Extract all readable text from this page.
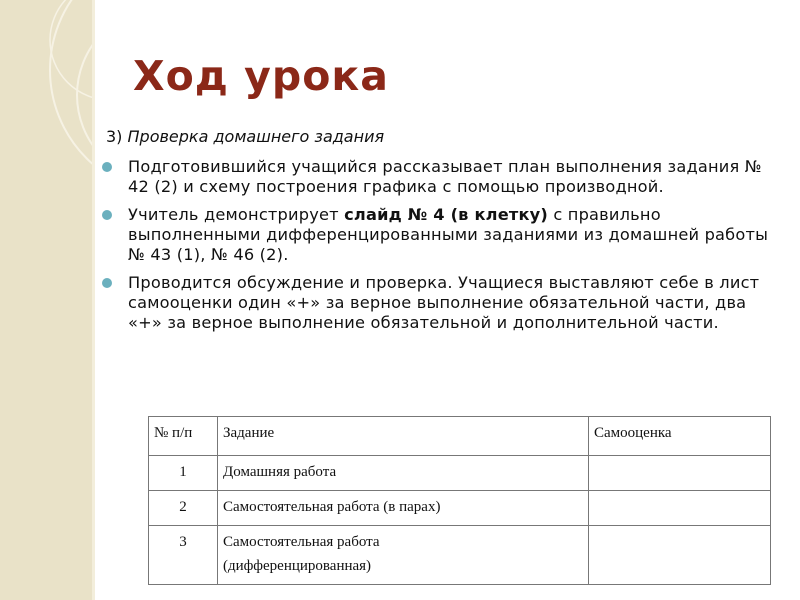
Ход урока
3) Проверка домашнего задания
Подготовившийся учащийся рассказывает план выполнения задания № 42 (2) и схему построения графика с помощью производной.
Учитель демонстрирует слайд № 4 (в клетку) с правильно выполненными дифференцированными заданиями из домашней работы № 43 (1), № 46 (2).
Проводится обсуждение и проверка. Учащиеся выставляют себе в лист самооценки один «+» за верное выполнение обязательной части, два «+» за верное выполнение обязательной и дополнительной части.
№ п/п	Задание	Самооценка
1	Домашняя работа	
2	Самостоятельная работа (в парах)	
3	Самостоятельная работа
(дифференцированная)	
